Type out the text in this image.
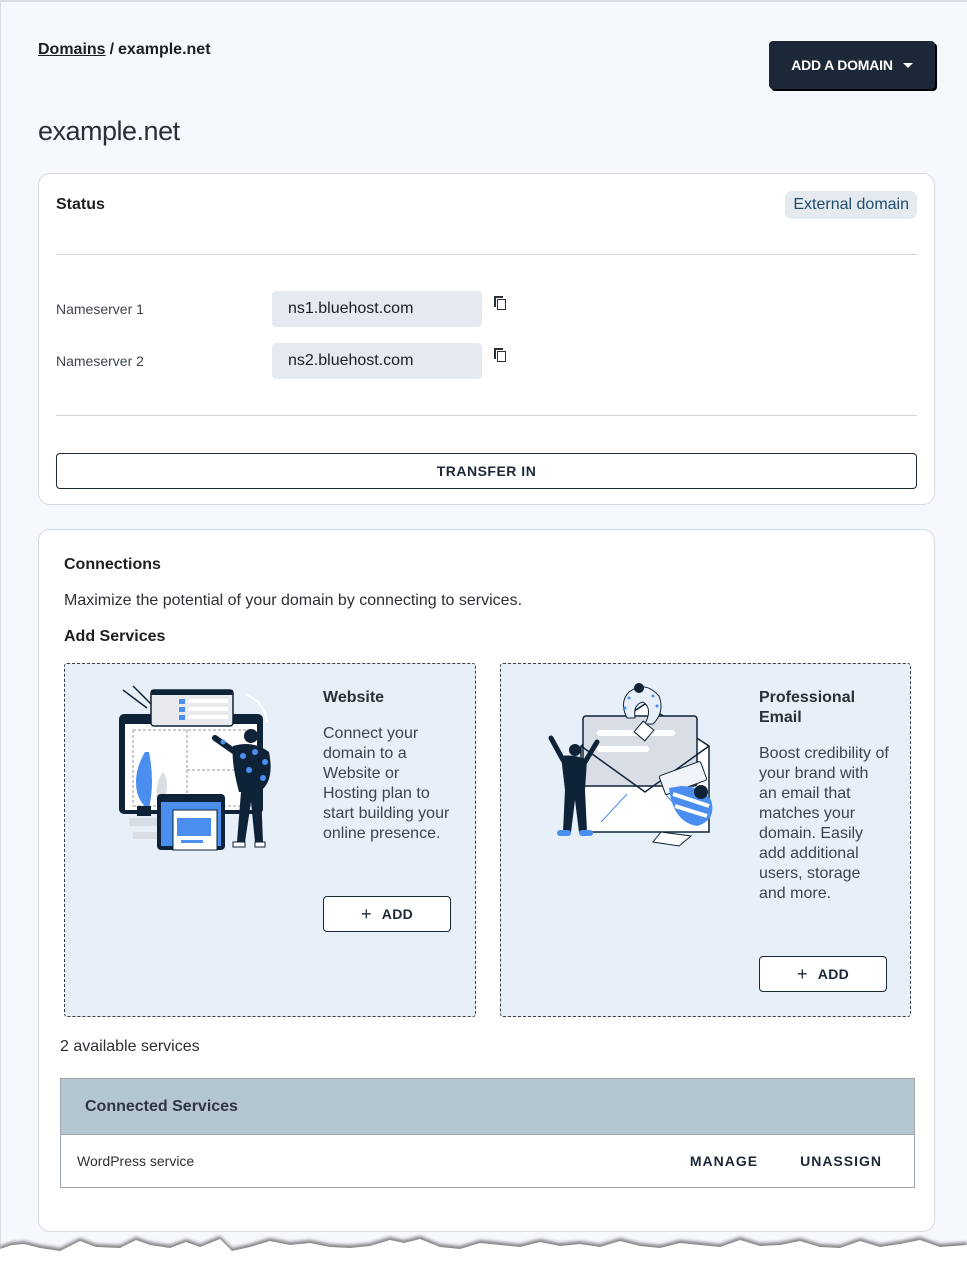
Domains / example.net
ADD A DOMAIN
example.net
Status	External domain
Nameserver 1	ns1.bluehost.com
Nameserver 2	ns2.bluehost.com
TRANSFER IN
Connections
Maximize the potential of your domain by connecting to services.
Add Services
Website
Connect your domain to a Website or Hosting plan to start building your online presence.
+ ADD
Professional Email
Boost credibility of your brand with an email that matches your domain. Easily add additional users, storage and more.
+ ADD
2 available services
Connected Services
WordPress service	MANAGE	UNASSIGN
